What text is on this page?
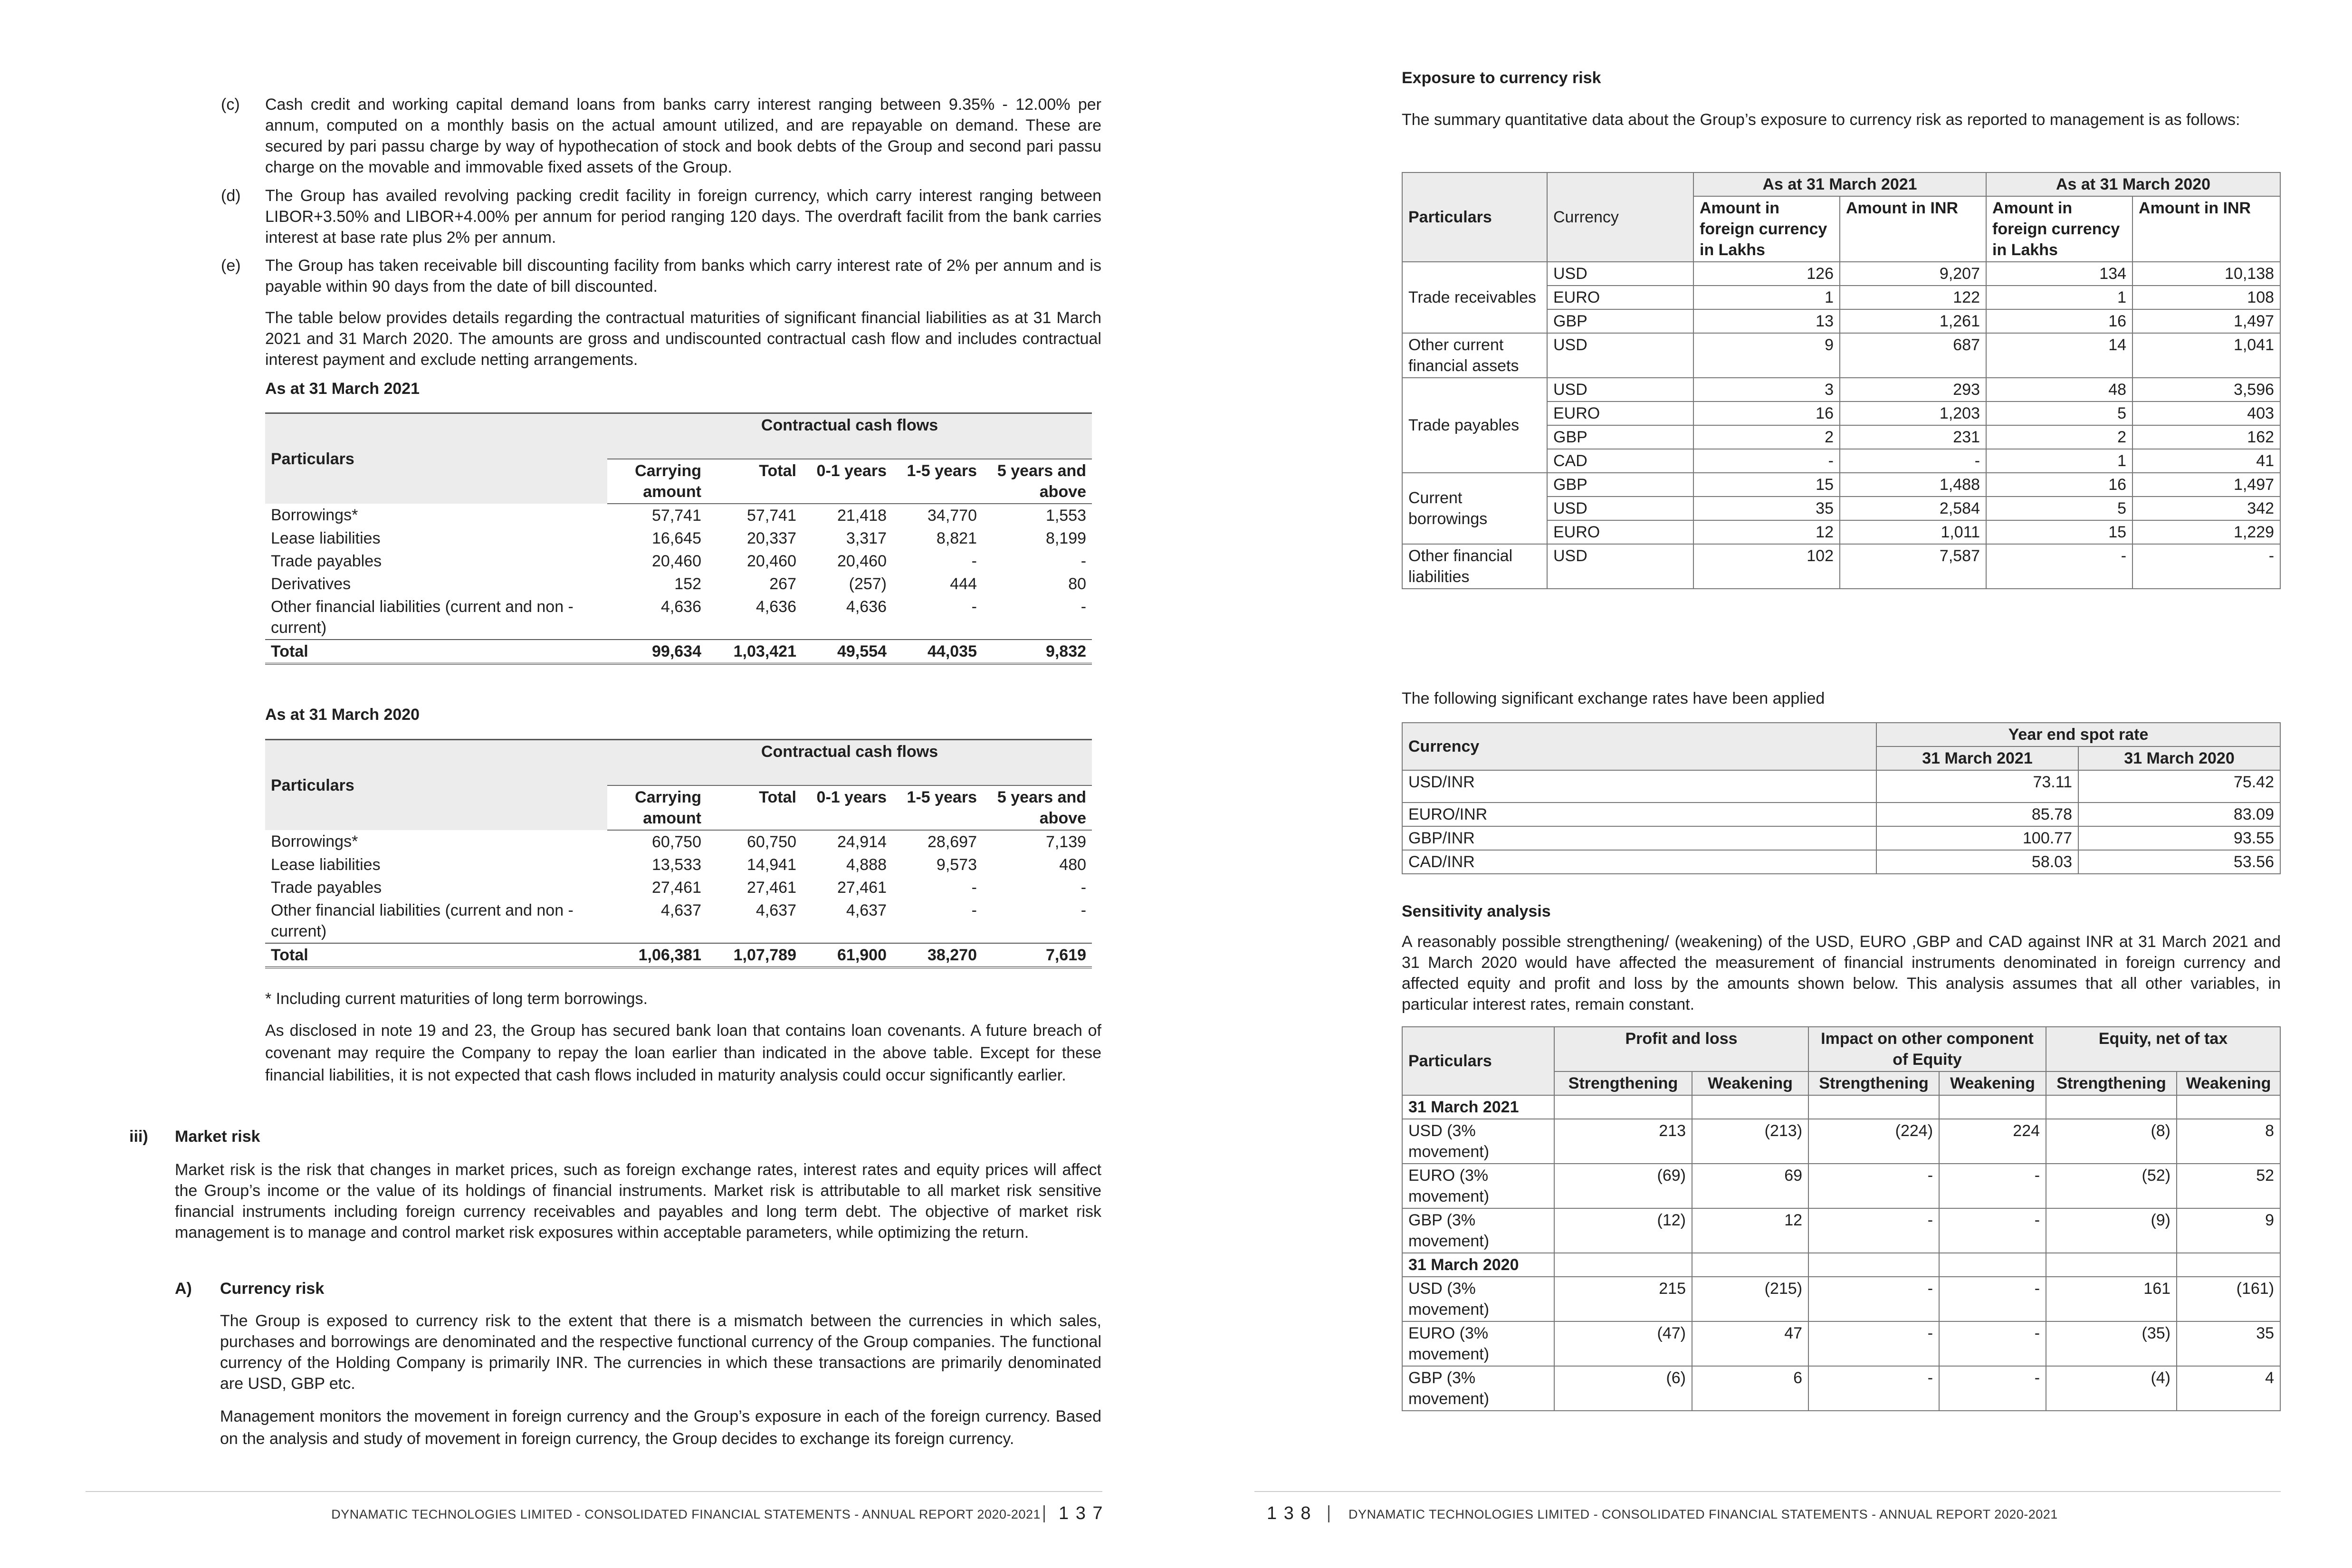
(c) Cash credit and working capital demand loans from banks carry interest ranging between 9.35% - 12.00% per annum, computed on a monthly basis on the actual amount utilized, and are repayable on demand. These are secured by pari passu charge by way of hypothecation of stock and book debts of the Group and second pari passu charge on the movable and immovable fixed assets of the Group.
(d) The Group has availed revolving packing credit facility in foreign currency, which carry interest ranging between LIBOR+3.50% and LIBOR+4.00% per annum for period ranging 120 days. The overdraft facilit from the bank carries interest at base rate plus 2% per annum.
(e) The Group has taken receivable bill discounting facility from banks which carry interest rate of 2% per annum and is payable within 90 days from the date of bill discounted.
The table below provides details regarding the contractual maturities of significant financial liabilities as at 31 March 2021 and 31 March 2020. The amounts are gross and undiscounted contractual cash flow and includes contractual interest payment and exclude netting arrangements.
As at 31 March 2021
Particulars	Contractual cash flows				
	Carrying amount	Total	0-1 years	1-5 years	5 years and above
Borrowings*	57,741	57,741	21,418	34,770	1,553
Lease liabilities	16,645	20,337	3,317	8,821	8,199
Trade payables	20,460	20,460	20,460	-	-
Derivatives	152	267	(257)	444	80
Other financial liabilities (current and non - current)	4,636	4,636	4,636	-	-
Total	99,634	1,03,421	49,554	44,035	9,832
As at 31 March 2020
Particulars	Contractual cash flows				
	Carrying amount	Total	0-1 years	1-5 years	5 years and above
Borrowings*	60,750	60,750	24,914	28,697	7,139
Lease liabilities	13,533	14,941	4,888	9,573	480
Trade payables	27,461	27,461	27,461	-	-
Other financial liabilities (current and non - current)	4,637	4,637	4,637	-	-
Total	1,06,381	1,07,789	61,900	38,270	7,619
* Including current maturities of long term borrowings.
As disclosed in note 19 and 23, the Group has secured bank loan that contains loan covenants. A future breach of covenant may require the Company to repay the loan earlier than indicated in the above table. Except for these financial liabilities, it is not expected that cash flows included in maturity analysis could occur significantly earlier.
iii) Market risk
Market risk is the risk that changes in market prices, such as foreign exchange rates, interest rates and equity prices will affect the Group’s income or the value of its holdings of financial instruments. Market risk is attributable to all market risk sensitive financial instruments including foreign currency receivables and payables and long term debt. The objective of market risk management is to manage and control market risk exposures within acceptable parameters, while optimizing the return.
A) Currency risk
The Group is exposed to currency risk to the extent that there is a mismatch between the currencies in which sales, purchases and borrowings are denominated and the respective functional currency of the Group companies. The functional currency of the Holding Company is primarily INR. The currencies in which these transactions are primarily denominated are USD, GBP etc.
Management monitors the movement in foreign currency and the Group’s exposure in each of the foreign currency. Based on the analysis and study of movement in foreign currency, the Group decides to exchange its foreign currency.
DYNAMATIC TECHNOLOGIES LIMITED - CONSOLIDATED FINANCIAL STATEMENTS - ANNUAL REPORT 2020-2021 1 3 7
Exposure to currency risk
The summary quantitative data about the Group’s exposure to currency risk as reported to management is as follows:
Particulars	Currency	As at 31 March 2021		As at 31 March 2020	
		Amount in foreign currency in Lakhs	Amount in INR	Amount in foreign currency in Lakhs	Amount in INR
Trade receivables	USD	126	9,207	134	10,138
	EURO	1	122	1	108
	GBP	13	1,261	16	1,497
Other current financial assets	USD	9	687	14	1,041
Trade payables	USD	3	293	48	3,596
	EURO	16	1,203	5	403
	GBP	2	231	2	162
	CAD	-	-	1	41
Current borrowings	GBP	15	1,488	16	1,497
	USD	35	2,584	5	342
	EURO	12	1,011	15	1,229
Other financial liabilities	USD	102	7,587	-	-
The following significant exchange rates have been applied
Currency	Year end spot rate	
	31 March 2021	31 March 2020
USD/INR	73.11	75.42
EURO/INR	85.78	83.09
GBP/INR	100.77	93.55
CAD/INR	58.03	53.56
Sensitivity analysis
A reasonably possible strengthening/ (weakening) of the USD, EURO ,GBP and CAD against INR at 31 March 2021 and 31 March 2020 would have affected the measurement of financial instruments denominated in foreign currency and affected equity and profit and loss by the amounts shown below. This analysis assumes that all other variables, in particular interest rates, remain constant.
Particulars	Profit and loss		Impact on other component of Equity		Equity, net of tax	
	Strengthening	Weakening	Strengthening	Weakening	Strengthening	Weakening
31 March 2021						
USD (3% movement)	213	(213)	(224)	224	(8)	8
EURO (3% movement)	(69)	69	-	-	(52)	52
GBP (3% movement)	(12)	12	-	-	(9)	9
31 March 2020						
USD (3% movement)	215	(215)	-	-	161	(161)
EURO (3% movement)	(47)	47	-	-	(35)	35
GBP (3% movement)	(6)	6	-	-	(4)	4
1 3 8	DYNAMATIC TECHNOLOGIES LIMITED - CONSOLIDATED FINANCIAL STATEMENTS - ANNUAL REPORT 2020-2021
